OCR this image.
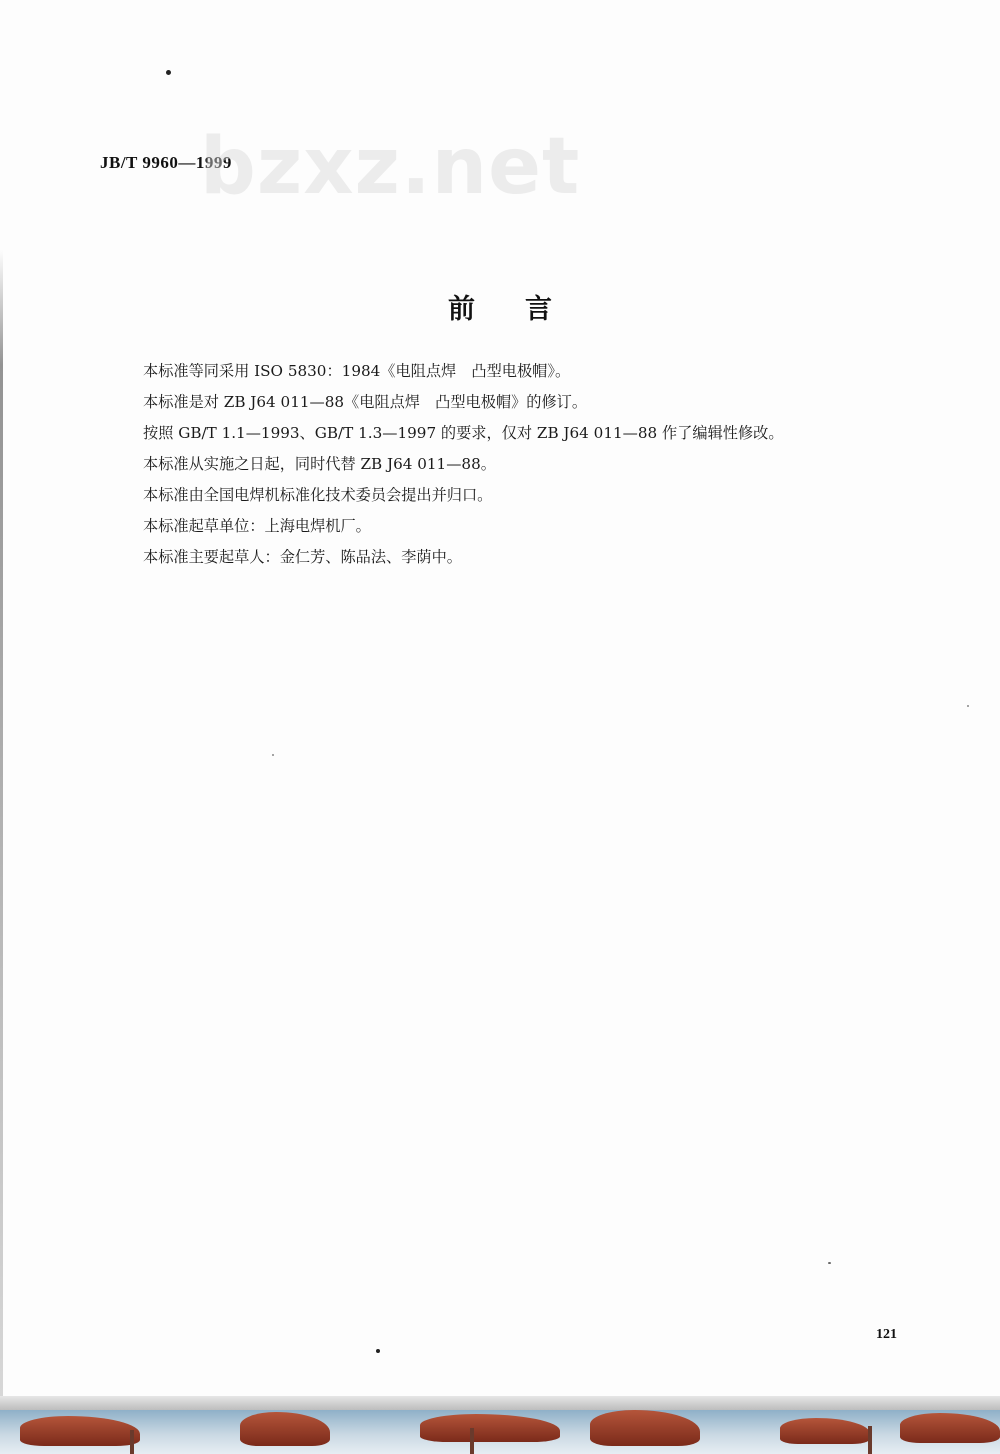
JB/T 9960—1999
bzxz.net
前 言
本标准等同采用 ISO 5830：1984《电阻点焊　凸型电极帽》。
本标准是对 ZB J64 011—88《电阻点焊　凸型电极帽》的修订。
按照 GB/T 1.1—1993、GB/T 1.3—1997 的要求，仅对 ZB J64 011—88 作了编辑性修改。
本标准从实施之日起，同时代替 ZB J64 011—88。
本标准由全国电焊机标准化技术委员会提出并归口。
本标准起草单位：上海电焊机厂。
本标准主要起草人：金仁芳、陈品法、李荫中。
121
